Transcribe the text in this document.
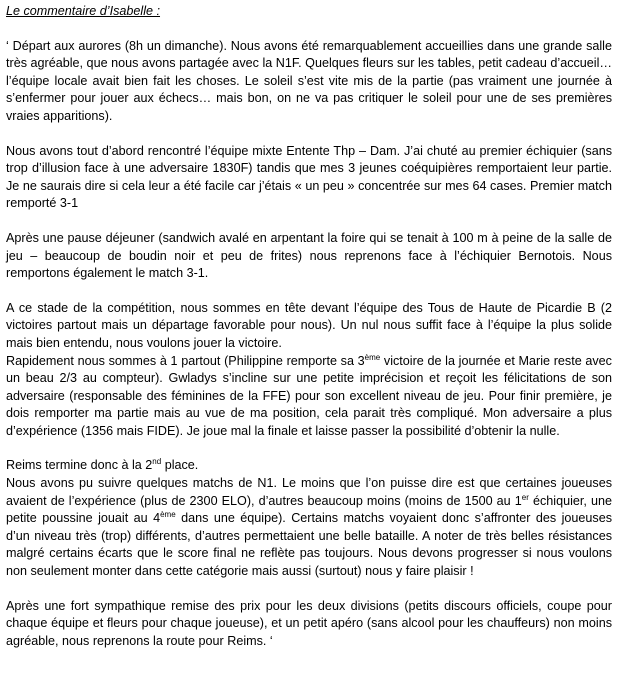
Le commentaire d’Isabelle :

‘ Départ aux aurores (8h un dimanche). Nous avons été remarquablement accueillies dans une grande salle très agréable, que nous avons partagée avec la N1F. Quelques fleurs sur les tables, petit cadeau d’accueil… l’équipe locale avait bien fait les choses. Le soleil s’est vite mis de la partie (pas vraiment une journée à s’enfermer pour jouer aux échecs… mais bon, on ne va pas critiquer le soleil pour une de ses premières vraies apparitions).

Nous avons tout d’abord rencontré l’équipe mixte Entente Thp – Dam. J’ai chuté au premier échiquier (sans trop d’illusion face à une adversaire 1830F) tandis que mes 3 jeunes coéquipières remportaient leur partie. Je ne saurais dire si cela leur a été facile car j’étais « un peu » concentrée sur mes 64 cases. Premier match remporté 3-1

Après une pause déjeuner (sandwich avalé en arpentant la foire qui se tenait à 100 m à peine de la salle de jeu – beaucoup de boudin noir et peu de frites) nous reprenons face à l’échiquier Bernotois. Nous remportons également le match 3-1.

A ce stade de la compétition, nous sommes en tête devant l’équipe des Tous de Haute de Picardie B (2 victoires partout mais un départage favorable pour nous). Un nul nous suffit face à l’équipe la plus solide mais bien entendu, nous voulons jouer la victoire.

Rapidement nous sommes à 1 partout (Philippine remporte sa 3ème victoire de la journée et Marie reste avec un beau 2/3 au compteur). Gwladys s’incline sur une petite imprécision et reçoit les félicitations de son adversaire (responsable des féminines de la FFE) pour son excellent niveau de jeu. Pour finir première, je dois remporter ma partie mais au vue de ma position, cela parait très compliqué. Mon adversaire a plus d’expérience (1356 mais FIDE). Je joue mal la finale et laisse passer la possibilité d’obtenir la nulle.

Reims termine donc à la 2nd place.

Nous avons pu suivre quelques matchs de N1. Le moins que l’on puisse dire est que certaines joueuses avaient de l’expérience (plus de 2300 ELO), d’autres beaucoup moins (moins de 1500 au 1er échiquier, une petite poussine jouait au 4ème dans une équipe). Certains matchs voyaient donc s’affronter des joueuses d’un niveau très (trop) différents, d’autres permettaient une belle bataille. A noter de très belles résistances malgré certains écarts que le score final ne reflète pas toujours. Nous devons progresser si nous voulons non seulement monter dans cette catégorie mais aussi (surtout) nous y faire plaisir !

Après une fort sympathique remise des prix pour les deux divisions (petits discours officiels, coupe pour chaque équipe et fleurs pour chaque joueuse), et un petit apéro (sans alcool pour les chauffeurs) non moins agréable, nous reprenons la route pour Reims. ‘
